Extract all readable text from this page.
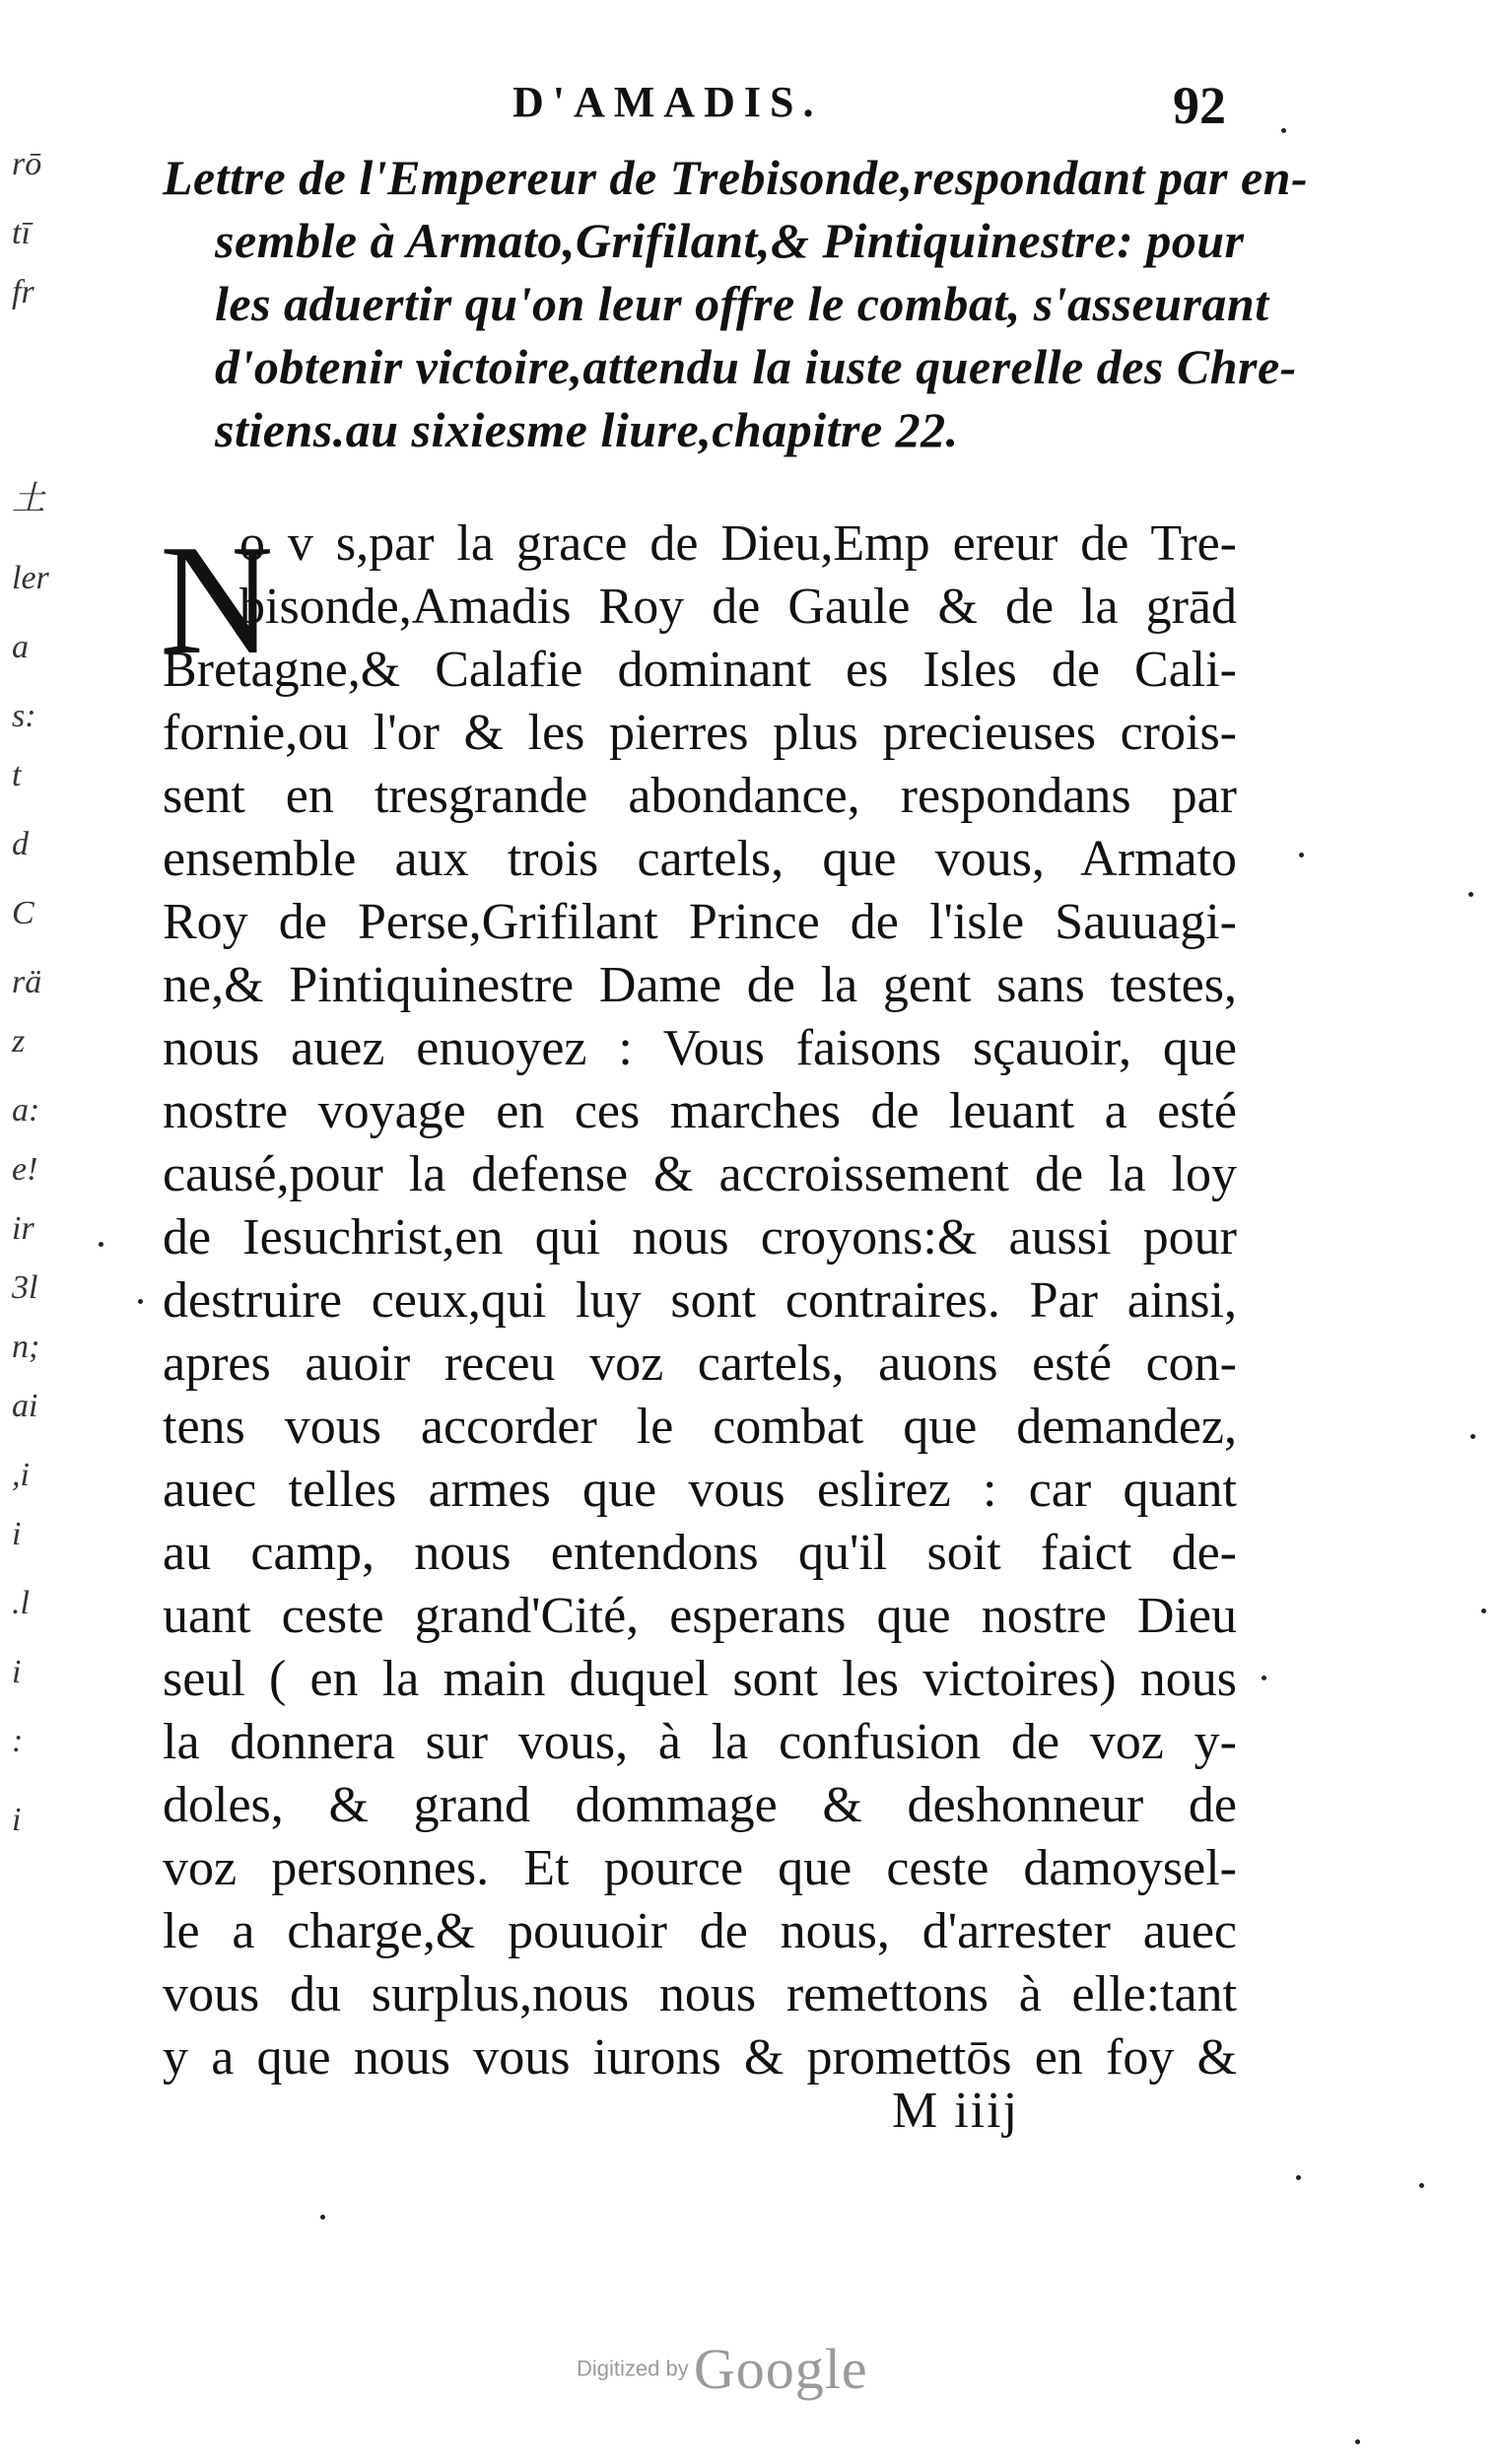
rō
tī
fr
土
ler
a
s:
t
d
C
rä
z
a:
e!
ir
3l
n;
ai
,i
i
.l
i
:
i
D'AMADIS.	92
Lettre de l'Empereur de Trebisonde,respondant par en-
semble à Armato,Grifilant,& Pintiquinestre: pour
les aduertir qu'on leur offre le combat, s'asseurant
d'obtenir victoire,attendu la iuste querelle des Chre-
stiens.au sixiesme liure,chapitre 22.
N
o v s,par la grace de Dieu,Emp ereur de Tre-
bisonde,Amadis Roy de Gaule & de la grād
Bretagne,& Calafie dominant es Isles de Cali-
fornie,ou l'or & les pierres plus precieuses crois-
sent en tresgrande abondance, respondans par
ensemble aux trois cartels, que vous, Armato
Roy de Perse,Grifilant Prince de l'isle Sauuagi-
ne,& Pintiquinestre Dame de la gent sans testes,
nous auez enuoyez : Vous faisons sçauoir, que
nostre voyage en ces marches de leuant a esté
causé,pour la defense & accroissement de la loy
de Iesuchrist,en qui nous croyons:& aussi pour
destruire ceux,qui luy sont contraires. Par ainsi,
apres auoir receu voz cartels, auons esté con-
tens vous accorder le combat que demandez,
auec telles armes que vous eslirez : car quant
au camp, nous entendons qu'il soit faict de-
uant ceste grand'Cité, esperans que nostre Dieu
seul ( en la main duquel sont les victoires) nous
la donnera sur vous, à la confusion de voz y-
doles, & grand dommage & deshonneur de
voz personnes. Et pource que ceste damoysel-
le a charge,& pouuoir de nous, d'arrester auec
vous du surplus,nous nous remettons à elle:tant
y a que nous vous iurons & promettōs en foy &
M iiij
Digitized by Google
